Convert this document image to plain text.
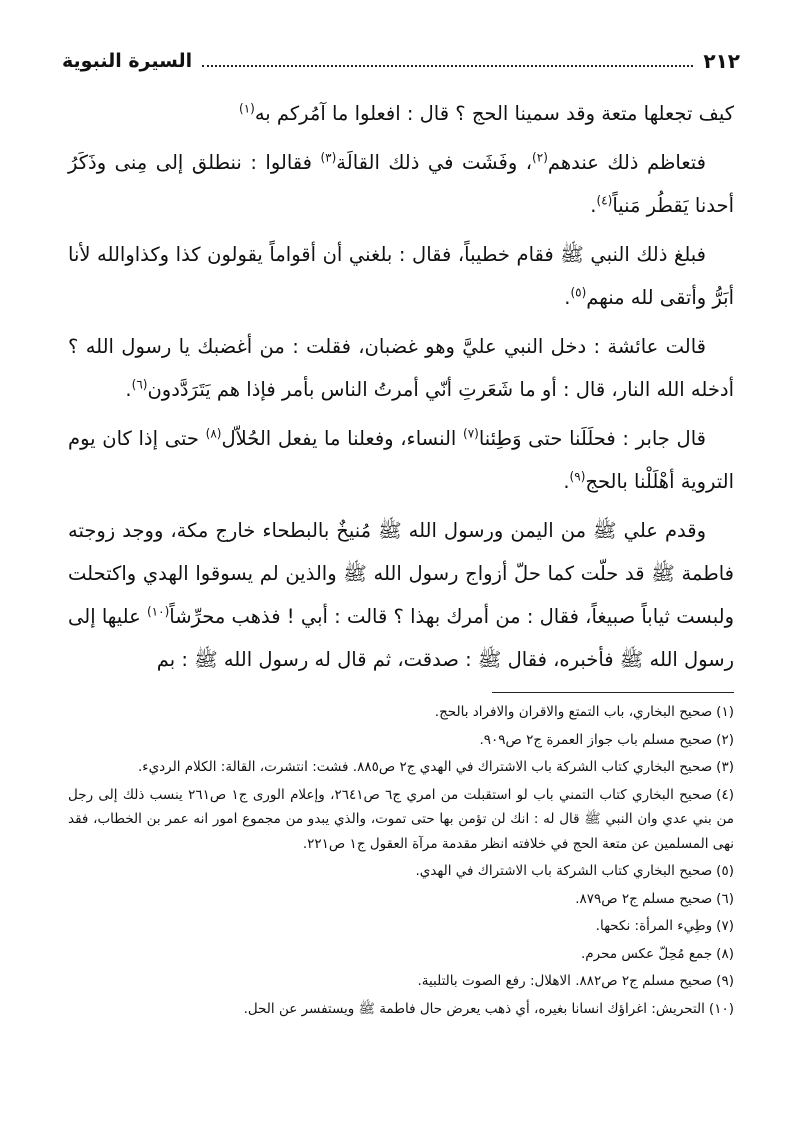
٢١٢
السيرة النبوية

كيف تجعلها متعة وقد سمينا الحج ؟ قال : افعلوا ما آمُركم به$^{(١)}$

فتعاظم ذلك عندهم$^{(٢)}$، وفَشَت في ذلك القالَة$^{(٣)}$ فقالوا : ننطلق إلى مِنى وذَكَرُ أحدنا يَقطُر مَنياً$^{(٤)}$.

فبلغ ذلك النبي ﷺ فقام خطيباً، فقال : بلغني أن أقواماً يقولون كذا وكذاوالله لأنا أبَرُّ وأتقى لله منهم$^{(٥)}$.

قالت عائشة : دخل النبي عليَّ وهو غضبان، فقلت : من أغضبك يا رسول الله ؟ أدخله الله النار، قال : أو ما شَعَرتِ أنّي أمرتُ الناس بأمر فإذا هم يَتَرَدَّدون$^{(٦)}$.

قال جابر : فحلَلَنا حتى وَطِئنا$^{(٧)}$ النساء، وفعلنا ما يفعل الحُلاّل$^{(٨)}$ حتى إذا كان يوم التروية أهْلَلْنا بالحج$^{(٩)}$.

وقدم علي ﷺ من اليمن ورسول الله ﷺ مُنيخٌ بالبطحاء خارج مكة، ووجد زوجته فاطمة ﷺ قد حلّت كما حلّ أزواج رسول الله ﷺ والذين لم يسوقوا الهدي واكتحلت ولبست ثياباً صبيغاً، فقال : من أمرك بهذا ؟ قالت : أبي ! فذهب محرِّشاً$^{(١٠)}$ عليها إلى رسول الله ﷺ فأخبره، فقال ﷺ : صدقت، ثم قال له رسول الله ﷺ : بم

(١)صحيح البخاري، باب التمتع والاقران والافراد بالحج.

(٢)صحيح مسلم باب جواز العمرة ج٢ ص٩٠٩.

(٣)صحيح البخاري كتاب الشركة باب الاشتراك في الهدي ج٢ ص٨٨٥. فشت: انتشرت، القالة: الكلام الرديء.

(٤)صحيح البخاري كتاب التمني باب لو استقبلت من امري ج٦ ص٢٦٤١، وإعلام الورى ج١ ص٢٦١ ينسب ذلك إلى رجل من بني عدي وان النبي ﷺ قال له : انك لن تؤمن بها حتى تموت، والذي يبدو من مجموع امور انه عمر بن الخطاب، فقد نهى المسلمين عن متعة الحج في خلافته انظر مقدمة مرآة العقول ج١ ص٢٢١.

(٥)صحيح البخاري كتاب الشركة باب الاشتراك في الهدي.

(٦)صحيح مسلم ج٢ ص٨٧٩.

(٧)وطِيء المرأة: نكحها.

(٨)جمع مُحِلّ عكس محرم.

(٩)صحيح مسلم ج٢ ص٨٨٢. الاهلال: رفع الصوت بالتلبية.

(١٠)التحريش: اغراؤك انسانا بغيره، أي ذهب يعرض حال فاطمة ﷺ ويستفسر عن الحل.
